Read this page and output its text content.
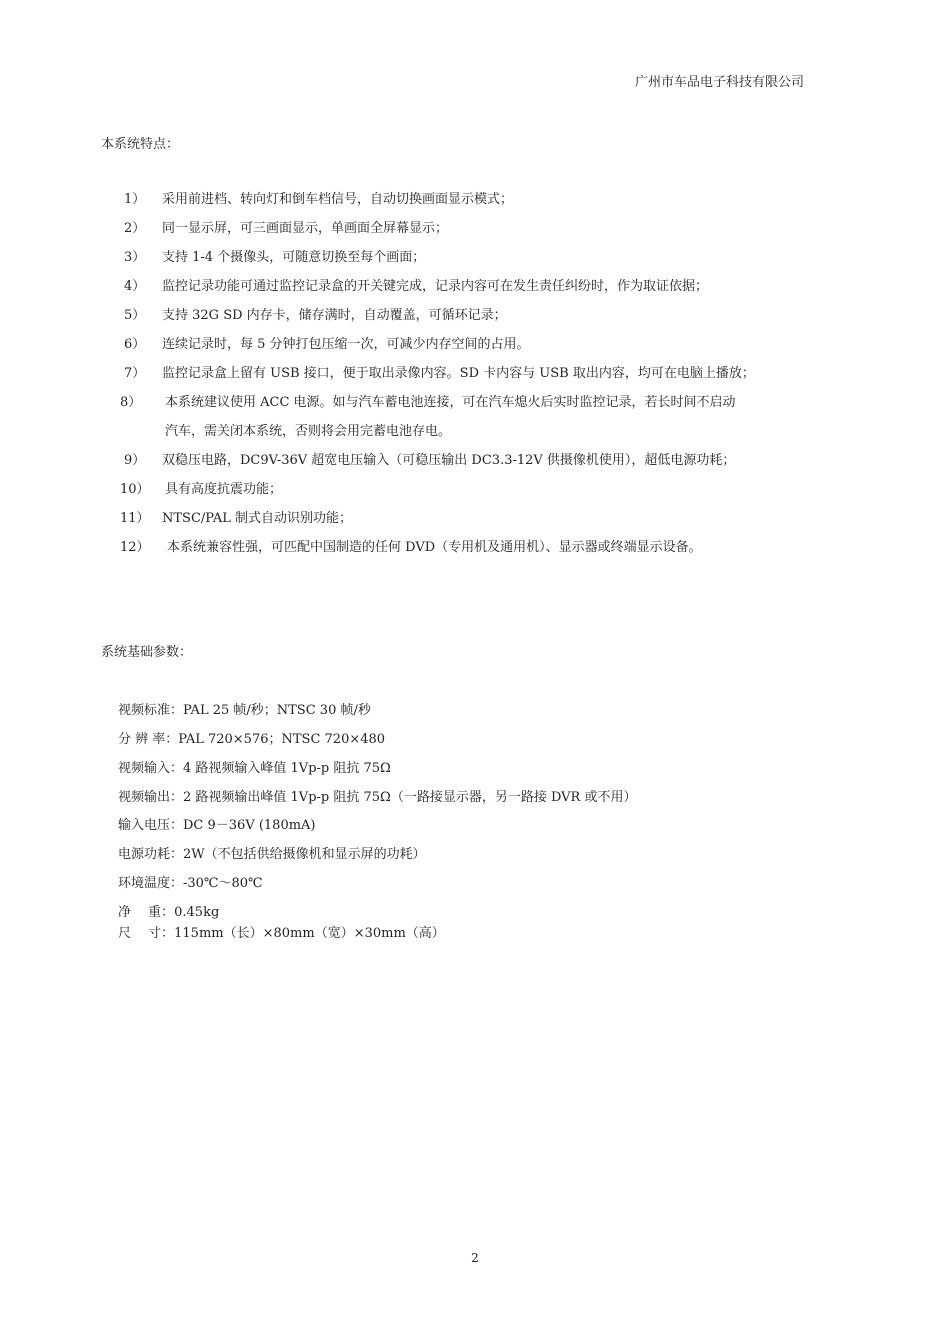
广州市车品电子科技有限公司
本系统特点：
1） 采用前进档、转向灯和倒车档信号，自动切换画面显示模式；
2） 同一显示屏，可三画面显示，单画面全屏幕显示；
3） 支持 1-4 个摄像头，可随意切换至每个画面；
4） 监控记录功能可通过监控记录盒的开关键完成，记录内容可在发生责任纠纷时，作为取证依据；
5） 支持 32G SD 内存卡，储存满时，自动覆盖，可循环记录；
6） 连续记录时，每 5 分钟打包压缩一次，可减少内存空间的占用。
7） 监控记录盒上留有 USB 接口，便于取出录像内容。SD 卡内容与 USB 取出内容，均可在电脑上播放；
8） 本系统建议使用 ACC 电源。如与汽车蓄电池连接，可在汽车熄火后实时监控记录，若长时间不启动
汽车，需关闭本系统，否则将会用完蓄电池存电。
9） 双稳压电路，DC9V-36V 超宽电压输入（可稳压输出 DC3.3-12V 供摄像机使用），超低电源功耗；
10） 具有高度抗震功能；
11） NTSC/PAL 制式自动识别功能；
12） 本系统兼容性强，可匹配中国制造的任何 DVD（专用机及通用机）、显示器或终端显示设备。
系统基础参数：
视频标准：PAL 25 帧/秒；NTSC 30 帧/秒
分 辨 率：PAL 720×576；NTSC 720×480
视频输入：4 路视频输入峰值 1Vp-p 阻抗 75Ω
视频输出：2 路视频输出峰值 1Vp-p 阻抗 75Ω（一路接显示器，另一路接 DVR 或不用）
输入电压：DC 9－36V (180mA)
电源功耗：2W（不包括供给摄像机和显示屏的功耗）
环境温度：-30℃～80℃
净　 重：0.45kg
尺　 寸：115mm（长）×80mm（宽）×30mm（高）
2
